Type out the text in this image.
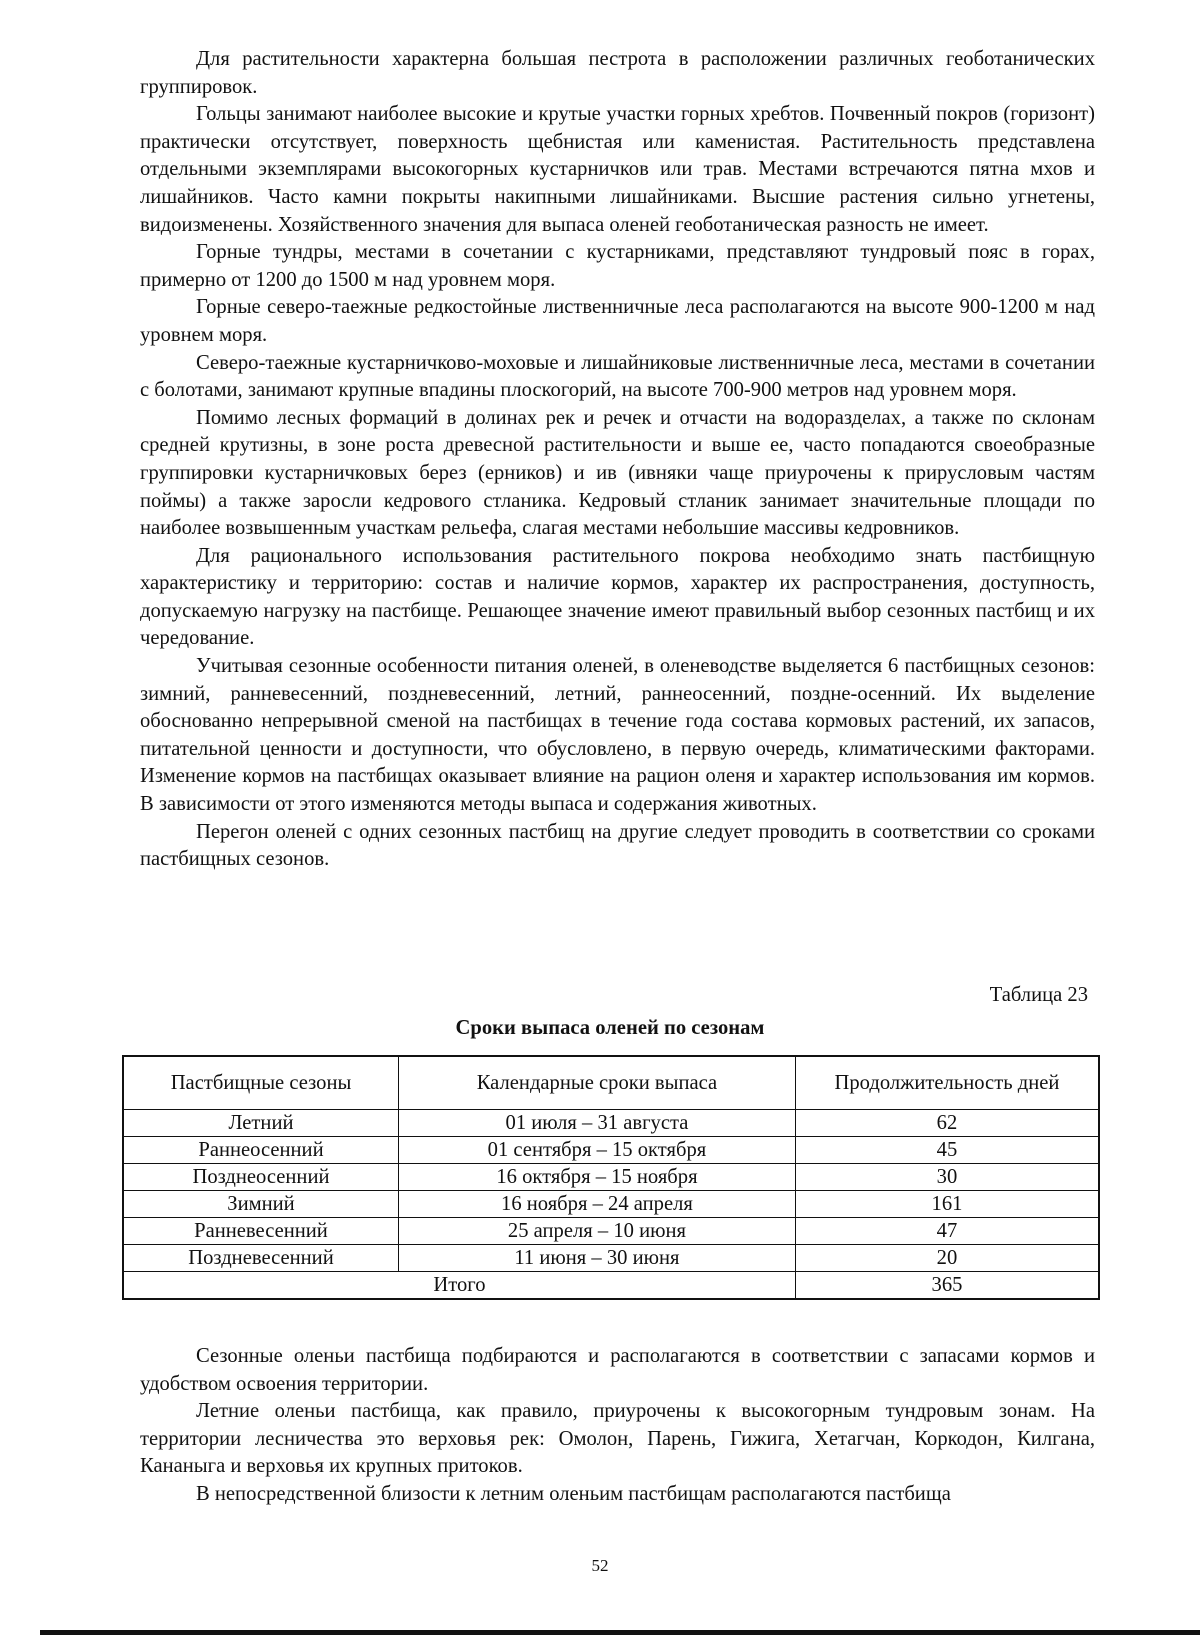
Для растительности характерна большая пестрота в расположении различных геоботанических группировок.

Гольцы занимают наиболее высокие и крутые участки горных хребтов. Почвенный покров (горизонт) практически отсутствует, поверхность щебнистая или каменистая. Растительность представлена отдельными экземплярами высокогорных кустарничков или трав. Местами встречаются пятна мхов и лишайников. Часто камни покрыты накипными лишайниками. Высшие растения сильно угнетены, видоизменены. Хозяйственного значения для выпаса оленей геоботаническая разность не имеет.

Горные тундры, местами в сочетании с кустарниками, представляют тундровый пояс в горах, примерно от 1200 до 1500 м над уровнем моря.

Горные северо-таежные редкостойные лиственничные леса располагаются на высоте 900-1200 м над уровнем моря.

Северо-таежные кустарничково-моховые и лишайниковые лиственничные леса, местами в сочетании с болотами, занимают крупные впадины плоскогорий, на высоте 700-900 метров над уровнем моря.

Помимо лесных формаций в долинах рек и речек и отчасти на водоразделах, а также по склонам средней крутизны, в зоне роста древесной растительности и выше ее, часто попадаются своеобразные группировки кустарничковых берез (ерников) и ив (ивняки чаще приурочены к прирусловым частям поймы) а также заросли кедрового стланика. Кедровый стланик занимает значительные площади по наиболее возвышенным участкам рельефа, слагая местами небольшие массивы кедровников.

Для рационального использования растительного покрова необходимо знать пастбищную характеристику и территорию: состав и наличие кормов, характер их распространения, доступность, допускаемую нагрузку на пастбище. Решающее значение имеют правильный выбор сезонных пастбищ и их чередование.

Учитывая сезонные особенности питания оленей, в оленеводстве выделяется 6 пастбищных сезонов: зимний, ранневесенний, поздневесенний, летний, раннеосенний, поздне-осенний. Их выделение обоснованно непрерывной сменой на пастбищах в течение года состава кормовых растений, их запасов, питательной ценности и доступности, что обусловлено, в первую очередь, климатическими факторами. Изменение кормов на пастбищах оказывает влияние на рацион оленя и характер использования им кормов. В зависимости от этого изменяются методы выпаса и содержания животных.

Перегон оленей с одних сезонных пастбищ на другие следует проводить в соответствии со сроками пастбищных сезонов.

Таблица 23
Сроки выпаса оленей по сезонам
Пастбищные сезоны	Календарные сроки выпаса	Продолжительность дней
Летний	01 июля – 31 августа	62
Раннеосенний	01 сентября – 15 октября	45
Позднеосенний	16 октября – 15 ноября	30
Зимний	16 ноября – 24 апреля	161
Ранневесенний	25 апреля – 10 июня	47
Поздневесенний	11 июня – 30 июня	20
Итого		365

Сезонные оленьи пастбища подбираются и располагаются в соответствии с запасами кормов и удобством освоения территории.

Летние оленьи пастбища, как правило, приурочены к высокогорным тундровым зонам. На территории лесничества это верховья рек: Омолон, Парень, Гижига, Хетагчан, Коркодон, Килгана, Кананыга и верховья их крупных притоков.

В непосредственной близости к летним оленьим пастбищам располагаются пастбища

52
